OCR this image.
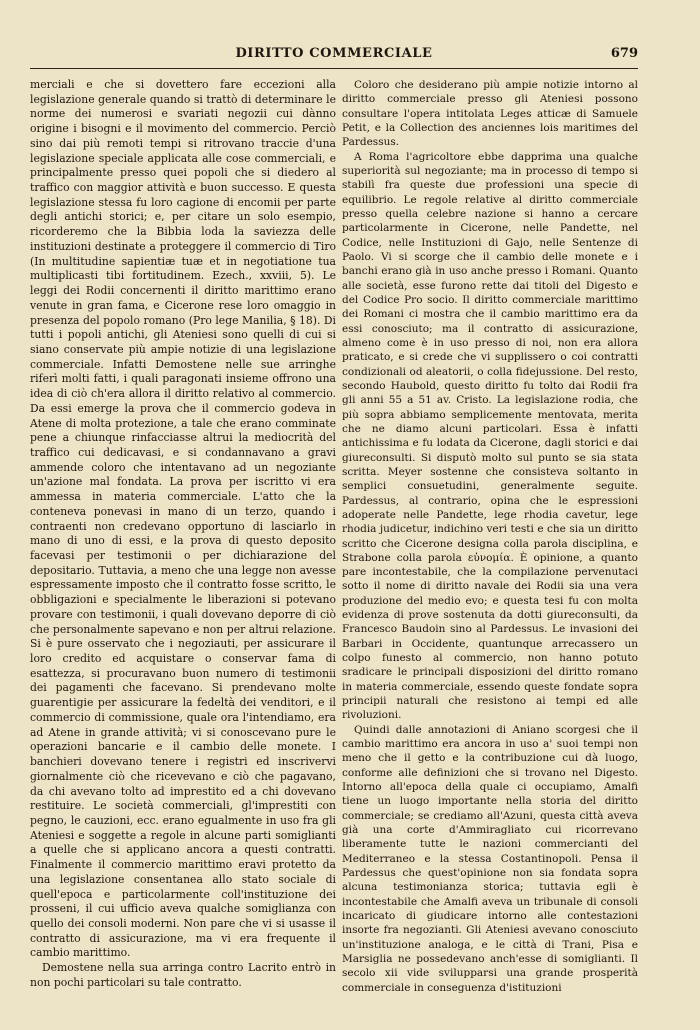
DIRITTO COMMERCIALE	679

merciali e che si dovettero fare eccezioni alla legislazione generale quando si trattò di determinare le norme dei numerosi e svariati negozii cui dànno origine i bisogni e il movimento del commercio. Perciò sino dai più remoti tempi si ritrovano traccie d'una legislazione speciale applicata alle cose commerciali, e principalmente presso quei popoli che si diedero al traffico con maggior attività e buon successo. E questa legislazione stessa fu loro cagione di encomii per parte degli antichi storici; e, per citare un solo esempio, ricorderemo che la Bibbia loda la saviezza delle instituzioni destinate a proteggere il commercio di Tiro (In multitudine sapientiæ tuæ et in negotiatione tua multiplicasti tibi fortitudinem. Ezech., xxviii, 5). Le leggi dei Rodii concernenti il diritto marittimo erano venute in gran fama, e Cicerone rese loro omaggio in presenza del popolo romano (Pro lege Manilia, § 18). Di tutti i popoli antichi, gli Ateniesi sono quelli di cui si siano conservate più ampie notizie di una legislazione commerciale. Infatti Demostene nelle sue arringhe riferì molti fatti, i quali paragonati insieme offrono una idea di ciò ch'era allora il diritto relativo al commercio. Da essi emerge la prova che il commercio godeva in Atene di molta protezione, a tale che erano comminate pene a chiunque rinfacciasse altrui la mediocrità del traffico cui dedicavasi, e si condannavano a gravi ammende coloro che intentavano ad un negoziante un'azione mal fondata. La prova per iscritto vi era ammessa in materia commerciale. L'atto che la conteneva ponevasi in mano di un terzo, quando i contraenti non credevano opportuno di lasciarlo in mano di uno di essi, e la prova di questo deposito facevasi per testimonii o per dichiarazione del depositario. Tuttavia, a meno che una legge non avesse espressamente imposto che il contratto fosse scritto, le obbligazioni e specialmente le liberazioni si potevano provare con testimonii, i quali dovevano deporre di ciò che personalmente sapevano e non per altrui relazione. Si è pure osservato che i negoziauti, per assicurare il loro credito ed acquistare o conservar fama di esattezza, si procuravano buon numero di testimonii dei pagamenti che facevano. Si prendevano molte guarentigie per assicurare la fedeltà dei venditori, e il commercio di commissione, quale ora l'intendiamo, era ad Atene in grande attività; vi si conoscevano pure le operazioni bancarie e il cambio delle monete. I banchieri dovevano tenere i registri ed inscrivervi giornalmente ciò che ricevevano e ciò che pagavano, da chi avevano tolto ad imprestito ed a chi dovevano restituire. Le società commerciali, gl'imprestiti con pegno, le cauzioni, ecc. erano egualmente in uso fra gli Ateniesi e soggette a regole in alcune parti somiglianti a quelle che si applicano ancora a questi contratti. Finalmente il commercio marittimo eravi protetto da una legislazione consentanea allo stato sociale di quell'epoca e particolarmente coll'instituzione dei prosseni, il cui ufficio aveva qualche somiglianza con quello dei consoli moderni. Non pare che vi si usasse il contratto di assicurazione, ma vi era frequente il cambio marittimo.

Demostene nella sua arringa contro Lacrito entrò in non pochi particolari su tale contratto.

Coloro che desiderano più ampie notizie intorno al diritto commerciale presso gli Ateniesi possono consultare l'opera intitolata Leges atticæ di Samuele Petit, e la Collection des anciennes lois maritimes del Pardessus.

A Roma l'agricoltore ebbe dapprima una qualche superiorità sul negoziante; ma in processo di tempo si stabilì fra queste due professioni una specie di equilibrio. Le regole relative al diritto commerciale presso quella celebre nazione si hanno a cercare particolarmente in Cicerone, nelle Pandette, nel Codice, nelle Instituzioni di Gajo, nelle Sentenze di Paolo. Vi si scorge che il cambio delle monete e i banchi erano già in uso anche presso i Romani. Quanto alle società, esse furono rette dai titoli del Digesto e del Codice Pro socio. Il diritto commerciale marittimo dei Romani ci mostra che il cambio marittimo era da essi conosciuto; ma il contratto di assicurazione, almeno come è in uso presso di noi, non era allora praticato, e si crede che vi supplissero o coi contratti condizionali od aleatorii, o colla fidejussione. Del resto, secondo Haubold, questo diritto fu tolto dai Rodii fra gli anni 55 a 51 av. Cristo. La legislazione rodia, che più sopra abbiamo semplicemente mentovata, merita che ne diamo alcuni particolari. Essa è infatti antichissima e fu lodata da Cicerone, dagli storici e dai giureconsulti. Si disputò molto sul punto se sia stata scritta. Meyer sostenne che consisteva soltanto in semplici consuetudini, generalmente seguite. Pardessus, al contrario, opina che le espressioni adoperate nelle Pandette, lege rhodia cavetur, lege rhodia judicetur, indichino veri testi e che sia un diritto scritto che Cicerone designa colla parola disciplina, e Strabone colla parola εὐνομία. È opinione, a quanto pare incontestabile, che la compilazione pervenutaci sotto il nome di diritto navale dei Rodii sia una vera produzione del medio evo; e questa tesi fu con molta evidenza di prove sostenuta da dotti giureconsulti, da Francesco Baudoin sino al Pardessus. Le invasioni dei Barbari in Occidente, quantunque arrecassero un colpo funesto al commercio, non hanno potuto sradicare le principali disposizioni del diritto romano in materia commerciale, essendo queste fondate sopra principii naturali che resistono ai tempi ed alle rivoluzioni.

Quindi dalle annotazioni di Aniano scorgesi che il cambio marittimo era ancora in uso a' suoi tempi non meno che il getto e la contribuzione cui dà luogo, conforme alle definizioni che si trovano nel Digesto. Intorno all'epoca della quale ci occupiamo, Amalfi tiene un luogo importante nella storia del diritto commerciale; se crediamo all'Azuni, questa città aveva già una corte d'Ammiragliato cui ricorrevano liberamente tutte le nazioni commercianti del Mediterraneo e la stessa Costantinopoli. Pensa il Pardessus che quest'opinione non sia fondata sopra alcuna testimonianza storica; tuttavia egli è incontestabile che Amalfi aveva un tribunale di consoli incaricato di giudicare intorno alle contestazioni insorte fra negozianti. Gli Ateniesi avevano conosciuto un'instituzione analoga, e le città di Trani, Pisa e Marsiglia ne possedevano anch'esse di somiglianti. Il secolo xii vide svilupparsi una grande prosperità commerciale in conseguenza d'istituzioni
